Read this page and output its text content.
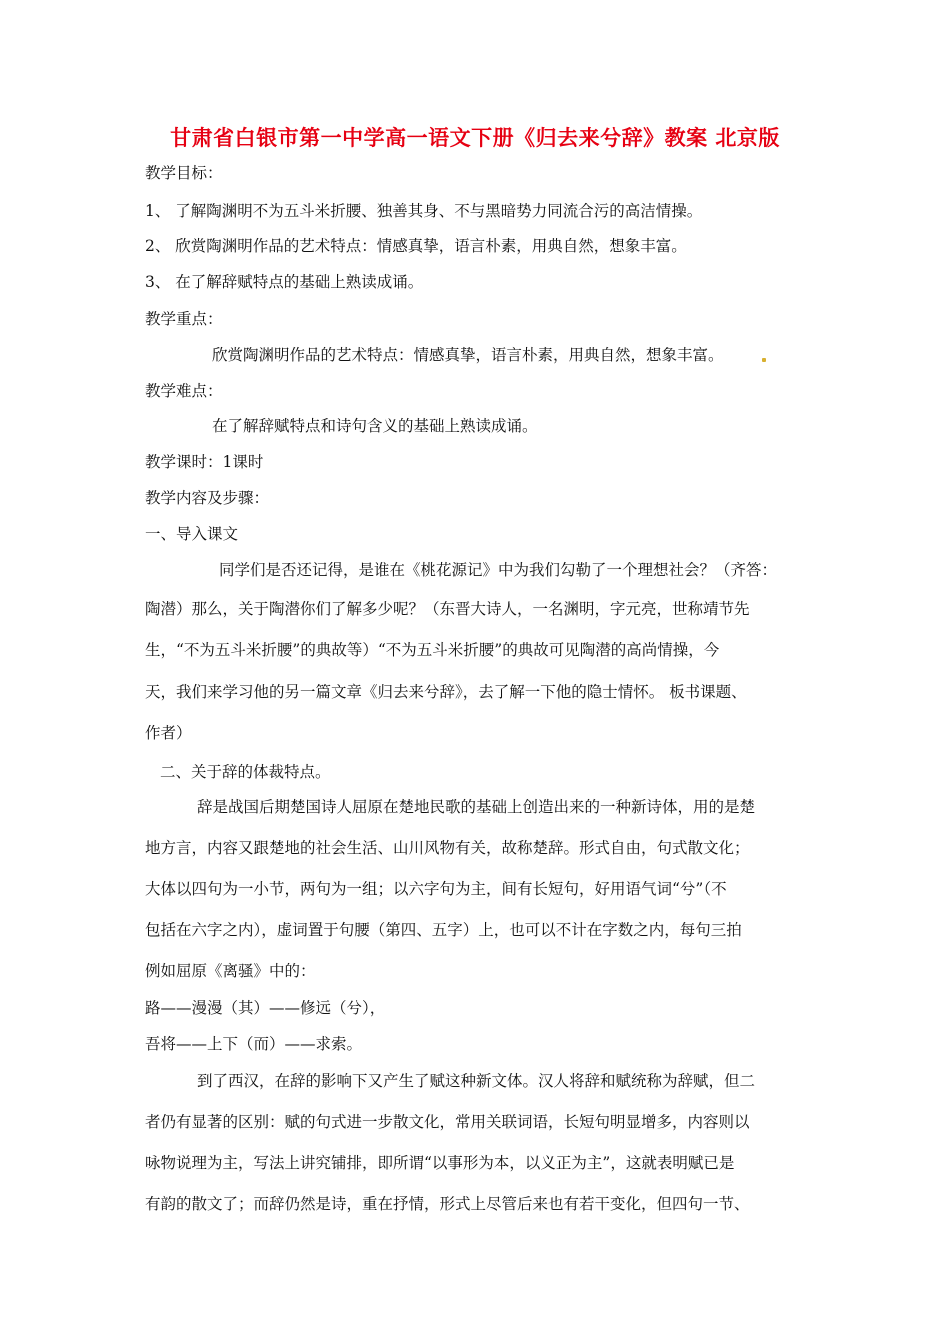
甘肃省白银市第一中学高一语文下册《归去来兮辞》教案 北京版
教学目标：
1、 了解陶渊明不为五斗米折腰、独善其身、不与黑暗势力同流合污的高洁情操。
2、 欣赏陶渊明作品的艺术特点：情感真挚，语言朴素，用典自然，想象丰富。
3、 在了解辞赋特点的基础上熟读成诵。
教学重点：
欣赏陶渊明作品的艺术特点：情感真挚，语言朴素，用典自然，想象丰富。
教学难点：
在了解辞赋特点和诗句含义的基础上熟读成诵。
教学课时：1课时
教学内容及步骤：
一、导入课文
同学们是否还记得，是谁在《桃花源记》中为我们勾勒了一个理想社会？（齐答：
陶潜）那么，关于陶潜你们了解多少呢？（东晋大诗人，一名渊明，字元亮，世称靖节先
生，“不为五斗米折腰”的典故等）“不为五斗米折腰”的典故可见陶潜的高尚情操，今
天，我们来学习他的另一篇文章《归去来兮辞》，去了解一下他的隐士情怀。 板书课题、
作者）
二、关于辞的体裁特点。
辞是战国后期楚国诗人屈原在楚地民歌的基础上创造出来的一种新诗体，用的是楚
地方言，内容又跟楚地的社会生活、山川风物有关，故称楚辞。形式自由，句式散文化；
大体以四句为一小节，两句为一组；以六字句为主，间有长短句，好用语气词“兮”（不
包括在六字之内），虚词置于句腰（第四、五字）上，也可以不计在字数之内，每句三拍
例如屈原《离骚》中的：
路——漫漫（其）——修远（兮），
吾将——上下（而）——求索。
到了西汉，在辞的影响下又产生了赋这种新文体。汉人将辞和赋统称为辞赋，但二
者仍有显著的区别：赋的句式进一步散文化，常用关联词语，长短句明显增多，内容则以
咏物说理为主，写法上讲究铺排，即所谓“以事形为本，以义正为主”，这就表明赋已是
有韵的散文了；而辞仍然是诗，重在抒情，形式上尽管后来也有若干变化，但四句一节、
